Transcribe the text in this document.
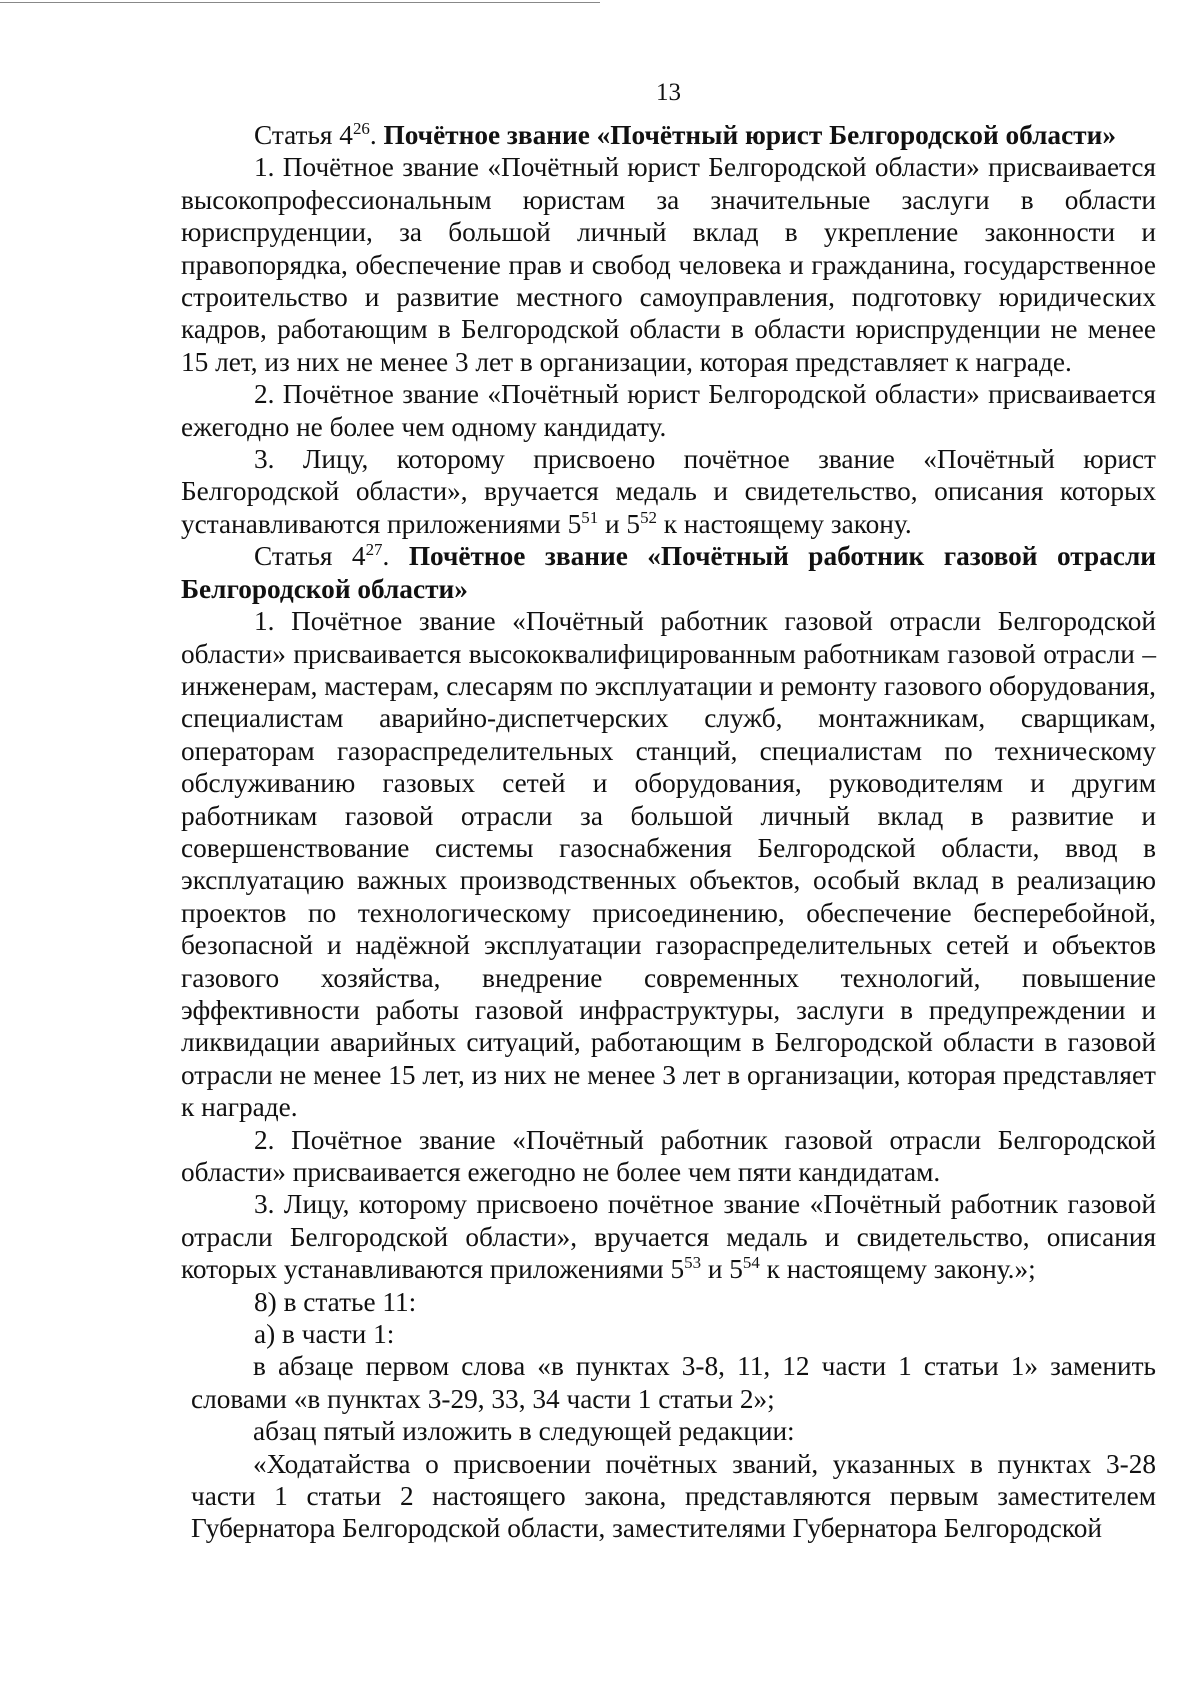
13

Статья $4^{26}$. Почётное звание «Почётный юрист Белгородской области»

1. Почётное звание «Почётный юрист Белгородской области» присваивается высокопрофессиональным юристам за значительные заслуги в области юриспруденции, за большой личный вклад в укрепление законности и правопорядка, обеспечение прав и свобод человека и гражданина, государственное строительство и развитие местного самоуправления, подготовку юридических кадров, работающим в Белгородской области в области юриспруденции не менее 15 лет, из них не менее 3 лет в организации, которая представляет к награде.

2. Почётное звание «Почётный юрист Белгородской области» присваивается ежегодно не более чем одному кандидату.

3. Лицу, которому присвоено почётное звание «Почётный юрист Белгородской области», вручается медаль и свидетельство, описания которых устанавливаются приложениями $5^{51}$ и $5^{52}$ к настоящему закону.

Статья $4^{27}$. Почётное звание «Почётный работник газовой отрасли Белгородской области»

1. Почётное звание «Почётный работник газовой отрасли Белгородской области» присваивается высококвалифицированным работникам газовой отрасли – инженерам, мастерам, слесарям по эксплуатации и ремонту газового оборудования, специалистам аварийно-диспетчерских служб, монтажникам, сварщикам, операторам газораспределительных станций, специалистам по техническому обслуживанию газовых сетей и оборудования, руководителям и другим работникам газовой отрасли за большой личный вклад в развитие и совершенствование системы газоснабжения Белгородской области, ввод в эксплуатацию важных производственных объектов, особый вклад в реализацию проектов по технологическому присоединению, обеспечение бесперебойной, безопасной и надёжной эксплуатации газораспределительных сетей и объектов газового хозяйства, внедрение современных технологий, повышение эффективности работы газовой инфраструктуры, заслуги в предупреждении и ликвидации аварийных ситуаций, работающим в Белгородской области в газовой отрасли не менее 15 лет, из них не менее 3 лет в организации, которая представляет к награде.

2. Почётное звание «Почётный работник газовой отрасли Белгородской области» присваивается ежегодно не более чем пяти кандидатам.

3. Лицу, которому присвоено почётное звание «Почётный работник газовой отрасли Белгородской области», вручается медаль и свидетельство, описания которых устанавливаются приложениями $5^{53}$ и $5^{54}$ к настоящему закону.»;

8) в статье 11:

а) в части 1:

в абзаце первом слова «в пунктах 3-8, 11, 12 части 1 статьи 1» заменить словами «в пунктах 3-29, 33, 34 части 1 статьи 2»;

абзац пятый изложить в следующей редакции:

«Ходатайства о присвоении почётных званий, указанных в пунктах 3-28 части 1 статьи 2 настоящего закона, представляются первым заместителем Губернатора Белгородской области, заместителями Губернатора Белгородской
